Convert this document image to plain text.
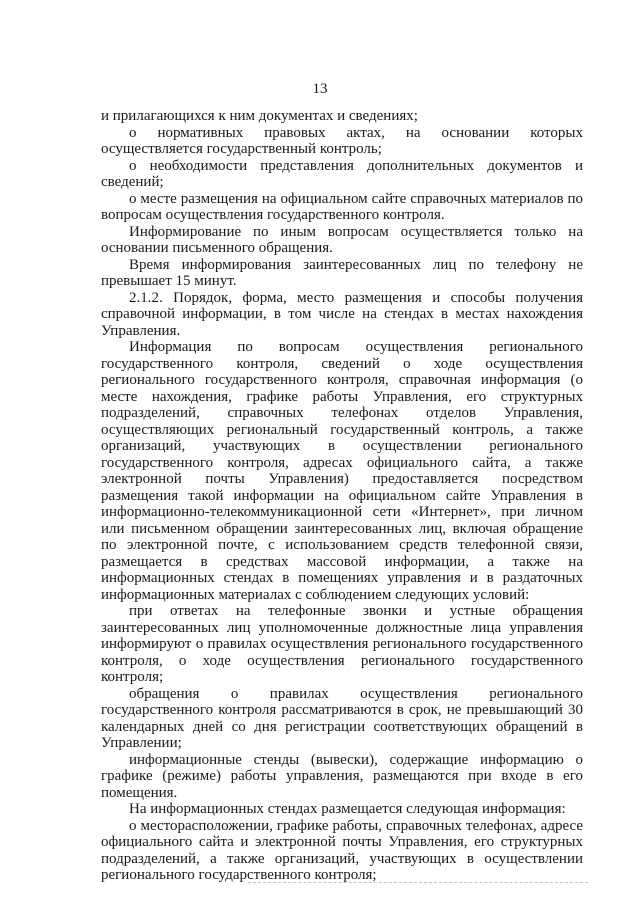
13

и прилагающихся к ним документах и сведениях;

о нормативных правовых актах, на основании которых осуществляется государственный контроль;

о необходимости представления дополнительных документов и сведений;

о месте размещения на официальном сайте справочных материалов по вопросам осуществления государственного контроля.

Информирование по иным вопросам осуществляется только на основании письменного обращения.

Время информирования заинтересованных лиц по телефону не превышает 15 минут.

2.1.2. Порядок, форма, место размещения и способы получения справочной информации, в том числе на стендах в местах нахождения Управления.

Информация по вопросам осуществления регионального государственного контроля, сведений о ходе осуществления регионального государственного контроля, справочная информация (о месте нахождения, графике работы Управления, его структурных подразделений, справочных телефонах отделов Управления, осуществляющих региональный государственный контроль, а также организаций, участвующих в осуществлении регионального государственного контроля, адресах официального сайта, а также электронной почты Управления) предоставляется посредством размещения такой информации на официальном сайте Управления в информационно-телекоммуникационной сети «Интернет», при личном или письменном обращении заинтересованных лиц, включая обращение по электронной почте, с использованием средств телефонной связи, размещается в средствах массовой информации, а также на информационных стендах в помещениях управления и в раздаточных информационных материалах с соблюдением следующих условий:

при ответах на телефонные звонки и устные обращения заинтересованных лиц уполномоченные должностные лица управления информируют о правилах осуществления регионального государственного контроля, о ходе осуществления регионального государственного контроля;

обращения о правилах осуществления регионального государственного контроля рассматриваются в срок, не превышающий 30 календарных дней со дня регистрации соответствующих обращений в Управлении;

информационные стенды (вывески), содержащие информацию о графике (режиме) работы управления, размещаются при входе в его помещения.

На информационных стендах размещается следующая информация:

о месторасположении, графике работы, справочных телефонах, адресе официального сайта и электронной почты Управления, его структурных подразделений, а также организаций, участвующих в осуществлении регионального государственного контроля;
